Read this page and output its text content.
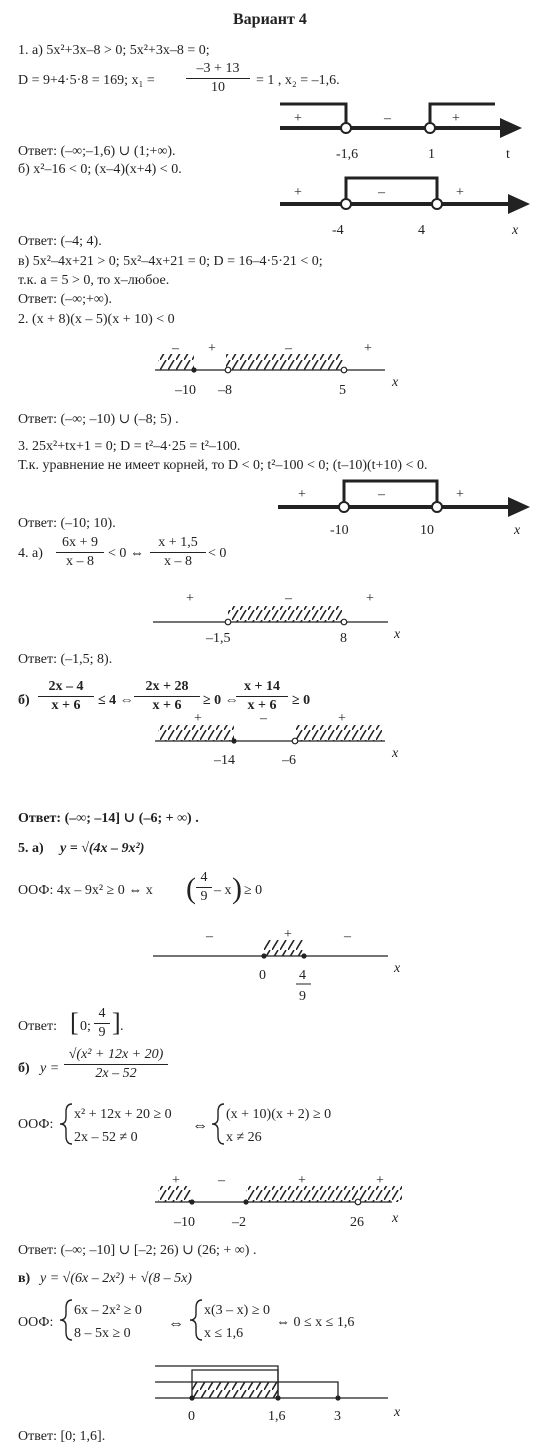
Вариант 4
1. а) 5x²+3x–8 > 0; 5x²+3x–8 = 0;
D = 9+4·5·8 = 169; $x_1 = \frac{-3 + 13}{10} = 1$ , x₂ = –1,6.
+	–	+
-1,6	1	t
+	–	+
-4	4	x
– +	–	+
–10 –8	5
x
+	–	+
-10	10	x
+	–	+
–1,5	8	x
+	–	+
–14	–6	x
–	+	–
0 4
9
x
+	–	+	+
–10	–2	26 x
0	1,6	3	x
Ответ: (–∞;–1,6) ∪ (1;+∞).
б) x²–16 < 0; (x–4)(x+4) < 0.
Ответ: (–4; 4).
в) 5x²–4x+21 > 0; 5x²–4x+21 = 0; D = 16–4·5·21 < 0;
т.к. a = 5 > 0, то x–любое.
Ответ: (–∞;+∞).
2. (x + 8)(x – 5)(x + 10) < 0
Ответ: (–∞; –10) ∪ (–8; 5) .
3. 25x²+tx+1 = 0; D = t²–4·25 = t²–100.
Т.к. уравнение не имеет корней, то D < 0; t²–100 < 0; (t–10)(t+10) < 0.
Ответ: (–10; 10).
4. $а) \frac{6x + 9}{x - 8} < 0$ ⇔ $\frac{x + 1,5}{x - 8} < 0$
Ответ: (–1,5; 8).
$б) \frac{2x - 4}{x + 6} \le 4$ ⇔ $\frac{2x + 28}{x + 6} \ge 0$ ⇔
$\frac{x + 14}{x + 6} \ge 0$
Ответ: (–∞; –14] ∪ (–6; + ∞) .
5. а) y = √(4x – 9x²)
ООФ: 4x – 9x² ≥ 0 ⇔ x ( $\frac{4}{9}$ – x ) ≥ 0
Ответ: [ 0; $\frac{4}{9}$ ] .
б) $y = \frac{\text{√(x² + 12x + 20)}}{2x - 52}$
ООФ:
x² + 12x + 20 ≥ 0
2x – 52 ≠ 0
⇔
(x + 10)(x + 2) ≥ 0
x ≠ 26
Ответ: (–∞; –10] ∪ [–2; 26) ∪ (26; + ∞) .
в) y = √(6x – 2x²) + √(8 – 5x)
ООФ:
6x – 2x² ≥ 0
8 – 5x ≥ 0
⇔
x(3 – x) ≥ 0
x ≤ 1,6
⇔ 0 ≤ x ≤ 1,6
Ответ: [0; 1,6].
